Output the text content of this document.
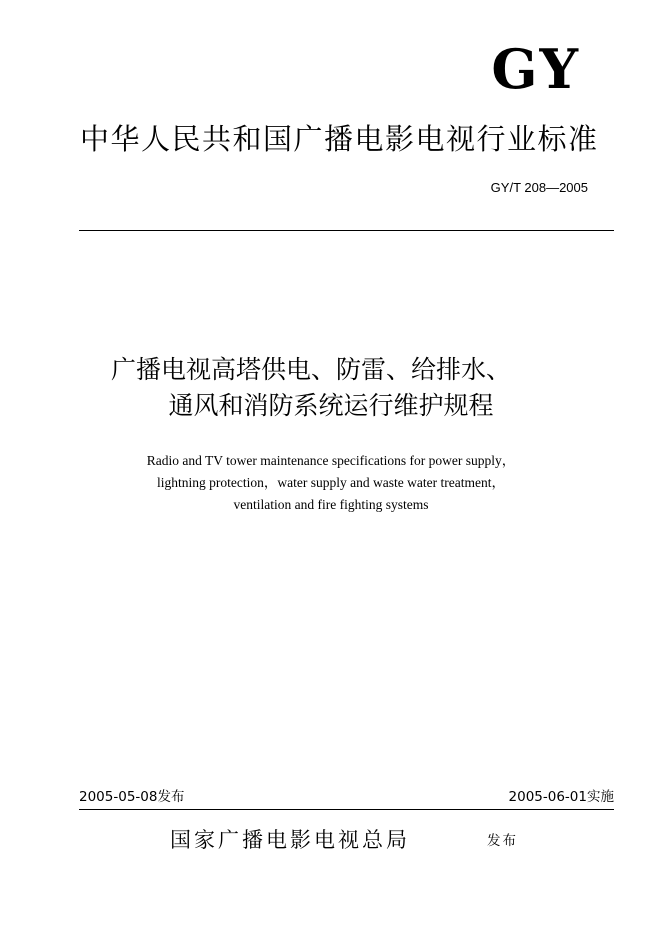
GY
中华人民共和国广播电影电视行业标准
GY/T 208—2005
广播电视高塔供电、防雷、给排水、
通风和消防系统运行维护规程
Radio and TV tower maintenance specifications for power supply，
lightning protection，water supply and waste water treatment，
ventilation and fire fighting systems
2005-05-08发布	2005-06-01实施
国家广播电影电视总局	发布
